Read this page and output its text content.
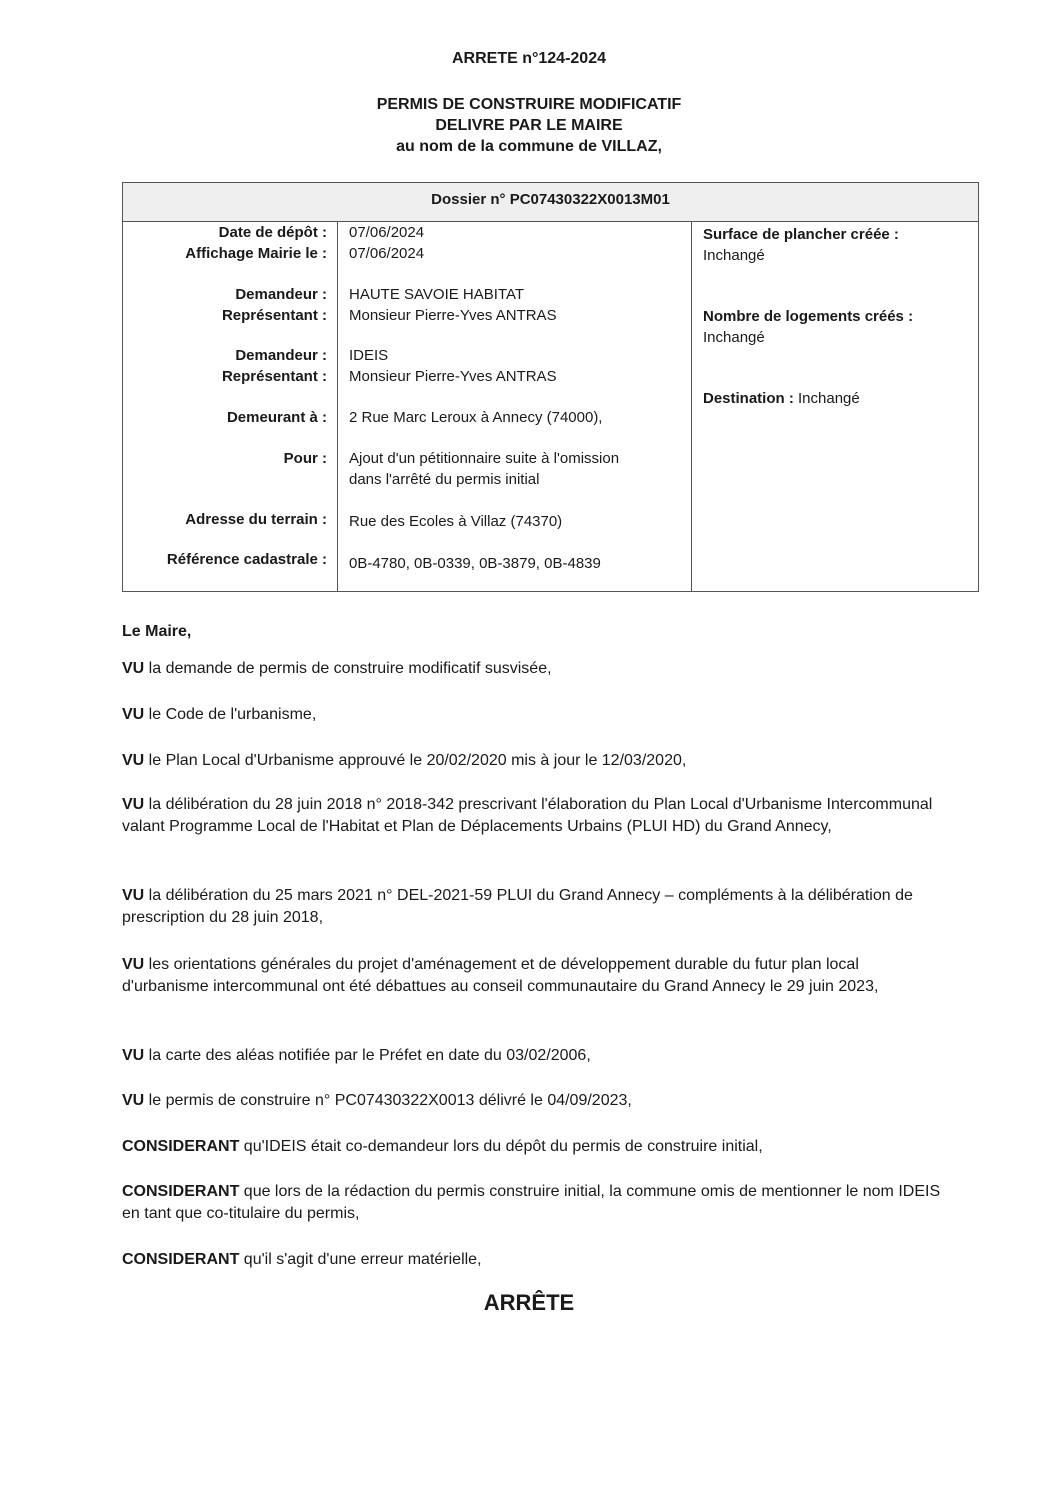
ARRETE n°124-2024
PERMIS DE CONSTRUIRE MODIFICATIF
DELIVRE PAR LE MAIRE
au nom de la commune de VILLAZ,
Dossier n° PC07430322X0013M01
Date de dépôt : 07/06/2024
Affichage Mairie le : 07/06/2024
Demandeur : HAUTE SAVOIE HABITAT
Représentant : Monsieur Pierre-Yves ANTRAS
Demandeur : IDEIS
Représentant : Monsieur Pierre-Yves ANTRAS
Demeurant à : 2 Rue Marc Leroux à Annecy (74000),
Pour : Ajout d'un pétitionnaire suite à l'omission
dans l'arrêté du permis initial
Adresse du terrain : Rue des Ecoles à Villaz (74370)
Référence cadastrale : 0B-4780, 0B-0339, 0B-3879, 0B-4839
Surface de plancher créée :
Inchangé
Nombre de logements créés :
Inchangé
Destination : Inchangé
Le Maire,
VU la demande de permis de construire modificatif susvisée,
VU le Code de l'urbanisme,
VU le Plan Local d'Urbanisme approuvé le 20/02/2020 mis à jour le 12/03/2020,
VU la délibération du 28 juin 2018 n° 2018-342 prescrivant l'élaboration du Plan Local d'Urbanisme Intercommunal valant Programme Local de l'Habitat et Plan de Déplacements Urbains (PLUI HD) du Grand Annecy,
VU la délibération du 25 mars 2021 n° DEL-2021-59 PLUI du Grand Annecy – compléments à la délibération de prescription du 28 juin 2018,
VU les orientations générales du projet d'aménagement et de développement durable du futur plan local d'urbanisme intercommunal ont été débattues au conseil communautaire du Grand Annecy le 29 juin 2023,
VU la carte des aléas notifiée par le Préfet en date du 03/02/2006,
VU le permis de construire n° PC07430322X0013 délivré le 04/09/2023,
CONSIDERANT qu'IDEIS était co-demandeur lors du dépôt du permis de construire initial,
CONSIDERANT que lors de la rédaction du permis construire initial, la commune omis de mentionner le nom IDEIS en tant que co-titulaire du permis,
CONSIDERANT qu'il s'agit d'une erreur matérielle,
ARRÊTE
